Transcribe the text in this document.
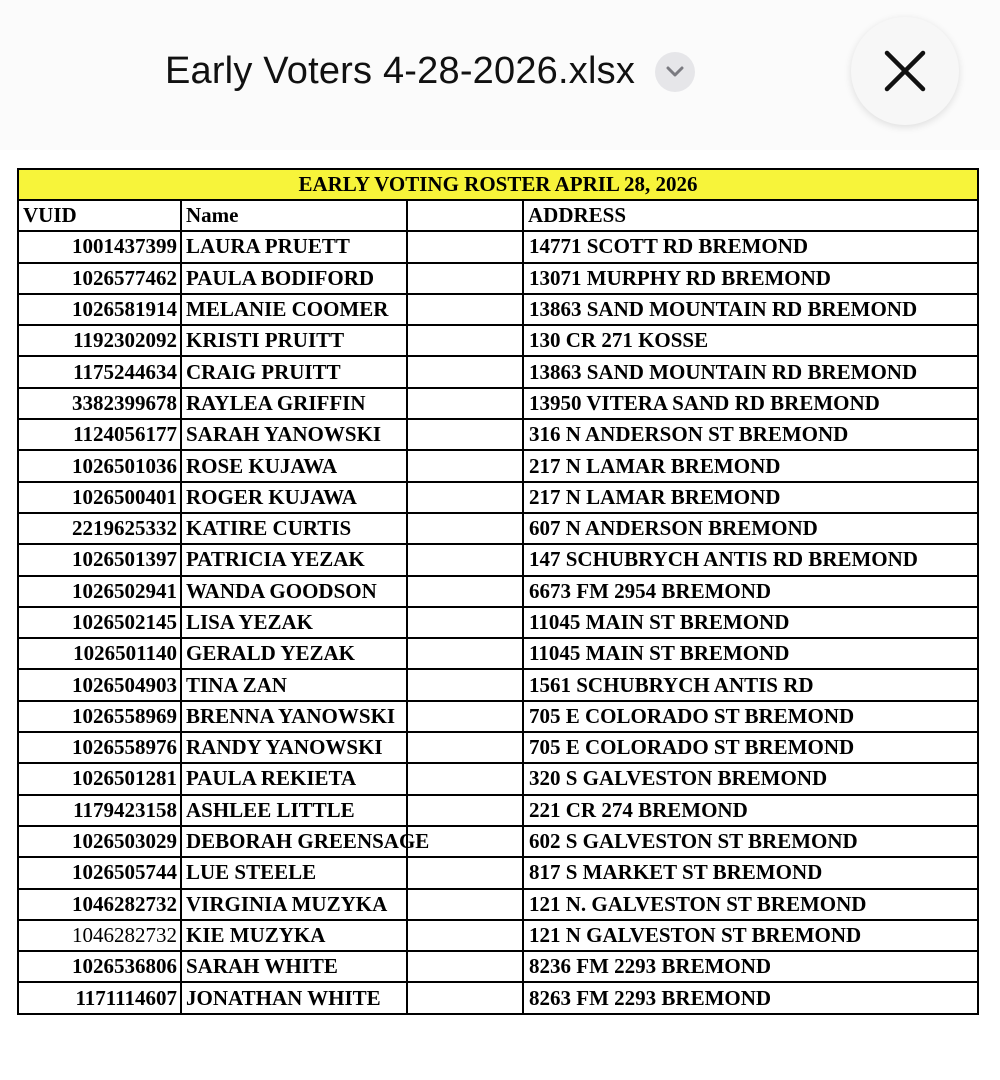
Early Voters 4-28-2026.xlsx
EARLY VOTING ROSTER APRIL 28, 2026			
VUID	Name		ADDRESS
1001437399	LAURA PRUETT		14771 SCOTT RD BREMOND
1026577462	PAULA BODIFORD		13071 MURPHY RD BREMOND
1026581914	MELANIE COOMER		13863 SAND MOUNTAIN RD BREMOND
1192302092	KRISTI PRUITT		130 CR 271 KOSSE
1175244634	CRAIG PRUITT		13863 SAND MOUNTAIN RD BREMOND
3382399678	RAYLEA GRIFFIN		13950 VITERA SAND RD BREMOND
1124056177	SARAH YANOWSKI		316 N ANDERSON ST BREMOND
1026501036	ROSE KUJAWA		217 N LAMAR BREMOND
1026500401	ROGER KUJAWA		217 N LAMAR BREMOND
2219625332	KATIRE CURTIS		607 N ANDERSON BREMOND
1026501397	PATRICIA YEZAK		147 SCHUBRYCH ANTIS RD BREMOND
1026502941	WANDA GOODSON		6673 FM 2954 BREMOND
1026502145	LISA YEZAK		11045 MAIN ST BREMOND
1026501140	GERALD YEZAK		11045 MAIN ST BREMOND
1026504903	TINA ZAN		1561 SCHUBRYCH ANTIS RD
1026558969	BRENNA YANOWSKI		705 E COLORADO ST BREMOND
1026558976	RANDY YANOWSKI		705 E COLORADO ST BREMOND
1026501281	PAULA REKIETA		320 S GALVESTON BREMOND
1179423158	ASHLEE LITTLE		221 CR 274 BREMOND
1026503029	DEBORAH GREENSAGE		602 S GALVESTON ST BREMOND
1026505744	LUE STEELE		817 S MARKET ST BREMOND
1046282732	VIRGINIA MUZYKA		121 N. GALVESTON ST BREMOND
1046282732	KIE MUZYKA		121 N GALVESTON ST BREMOND
1026536806	SARAH WHITE		8236 FM 2293 BREMOND
1171114607	JONATHAN WHITE		8263 FM 2293 BREMOND
